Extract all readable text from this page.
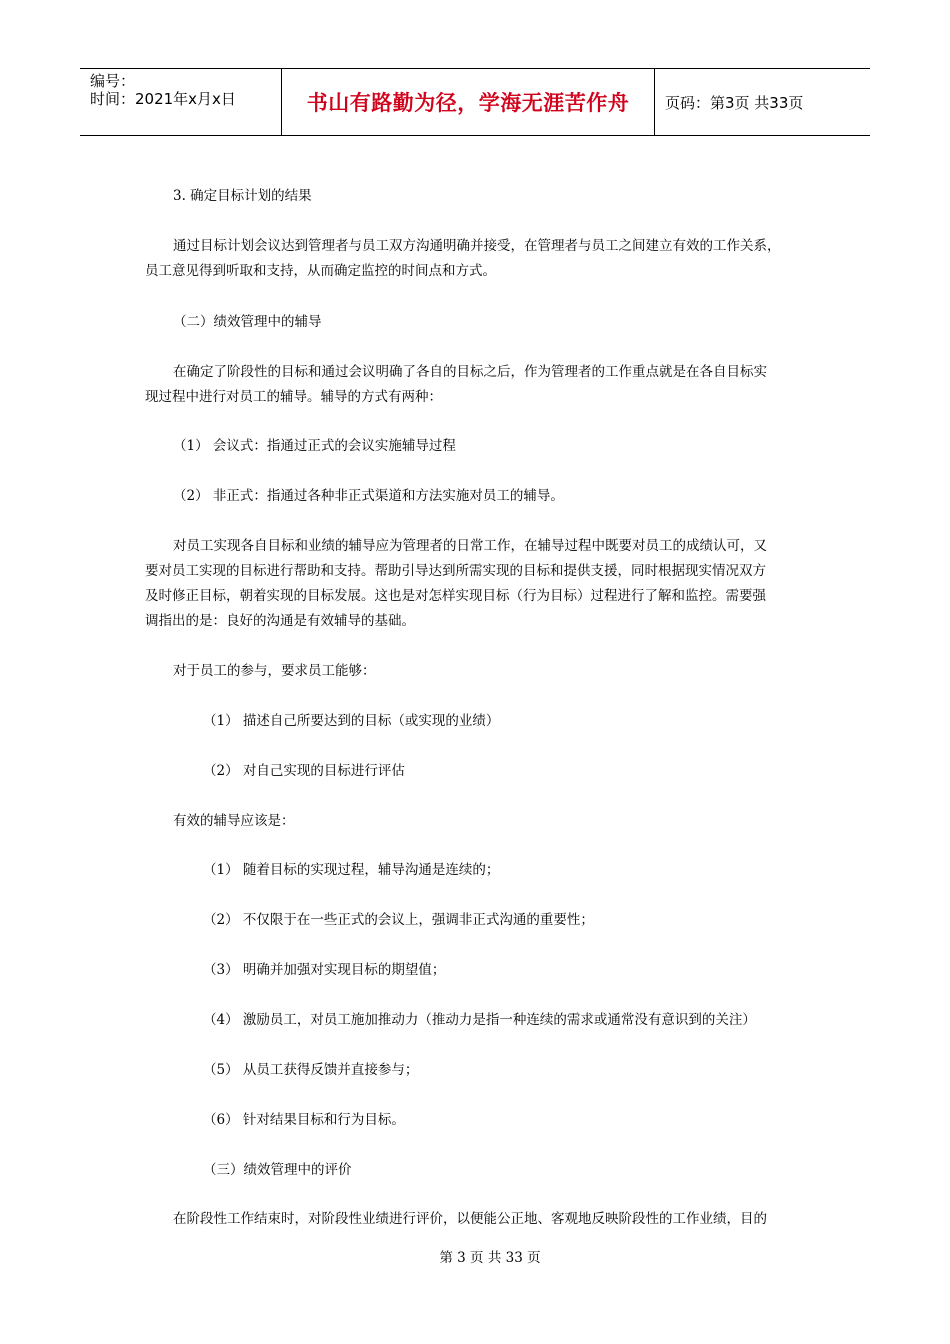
编号：
时间：2021年x月x日	书山有路勤为径，学海无涯苦作舟	页码：第3页 共33页
3. 确定目标计划的结果
通过目标计划会议达到管理者与员工双方沟通明确并接受，在管理者与员工之间建立有效的工作关系，
员工意见得到听取和支持，从而确定监控的时间点和方式。
（二）绩效管理中的辅导
在确定了阶段性的目标和通过会议明确了各自的目标之后，作为管理者的工作重点就是在各自目标实
现过程中进行对员工的辅导。辅导的方式有两种：
（1） 会议式：指通过正式的会议实施辅导过程
（2） 非正式：指通过各种非正式渠道和方法实施对员工的辅导。
对员工实现各自目标和业绩的辅导应为管理者的日常工作，在辅导过程中既要对员工的成绩认可，又
要对员工实现的目标进行帮助和支持。帮助引导达到所需实现的目标和提供支援，同时根据现实情况双方
及时修正目标，朝着实现的目标发展。这也是对怎样实现目标（行为目标）过程进行了解和监控。需要强
调指出的是：良好的沟通是有效辅导的基础。
对于员工的参与，要求员工能够：
（1） 描述自己所要达到的目标（或实现的业绩）
（2） 对自己实现的目标进行评估
有效的辅导应该是：
（1） 随着目标的实现过程，辅导沟通是连续的；
（2） 不仅限于在一些正式的会议上，强调非正式沟通的重要性；
（3） 明确并加强对实现目标的期望值；
（4） 激励员工，对员工施加推动力（推动力是指一种连续的需求或通常没有意识到的关注）
（5） 从员工获得反馈并直接参与；
（6） 针对结果目标和行为目标。
（三）绩效管理中的评价
在阶段性工作结束时，对阶段性业绩进行评价，以便能公正地、客观地反映阶段性的工作业绩，目的
第 3 页 共 33 页
